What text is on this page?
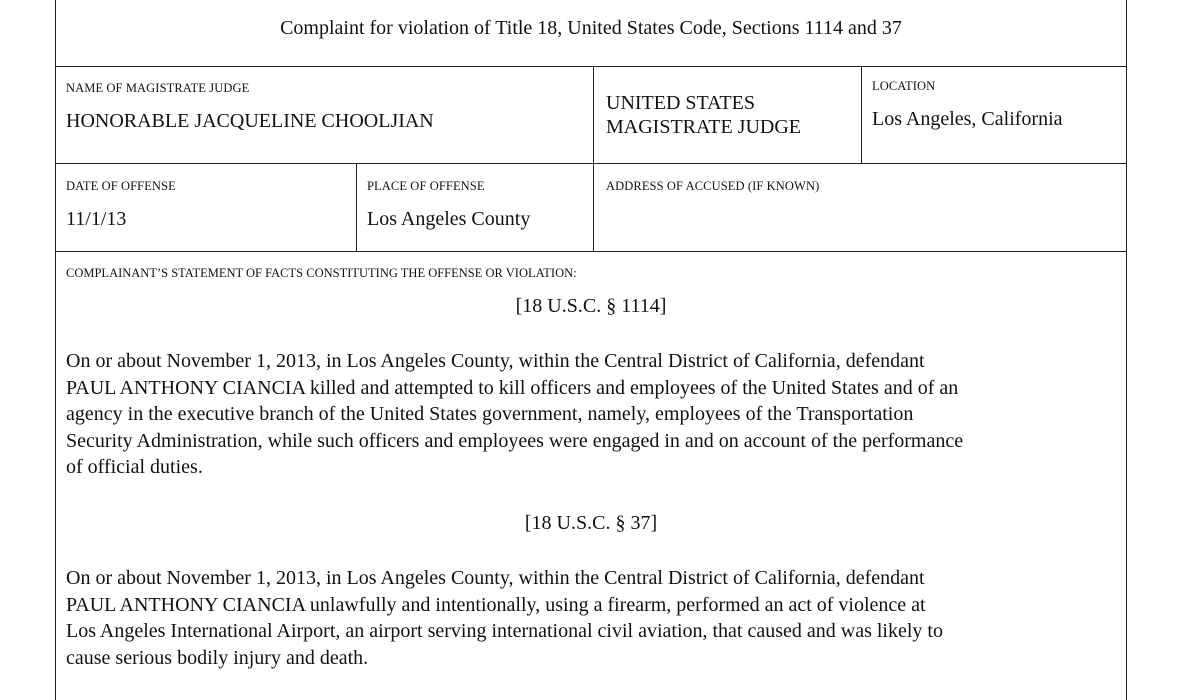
Complaint for violation of Title 18, United States Code, Sections 1114 and 37
NAME OF MAGISTRATE JUDGE
HONORABLE JACQUELINE CHOOLJIAN
UNITED STATES
MAGISTRATE JUDGE
LOCATION
Los Angeles, California
DATE OF OFFENSE
11/1/13
PLACE OF OFFENSE
Los Angeles County
ADDRESS OF ACCUSED (IF KNOWN)
COMPLAINANT’S STATEMENT OF FACTS CONSTITUTING THE OFFENSE OR VIOLATION:
[18 U.S.C. § 1114]
On or about November 1, 2013, in Los Angeles County, within the Central District of California, defendant
PAUL ANTHONY CIANCIA killed and attempted to kill officers and employees of the United States and of an
agency in the executive branch of the United States government, namely, employees of the Transportation
Security Administration, while such officers and employees were engaged in and on account of the performance
of official duties.
[18 U.S.C. § 37]
On or about November 1, 2013, in Los Angeles County, within the Central District of California, defendant
PAUL ANTHONY CIANCIA unlawfully and intentionally, using a firearm, performed an act of violence at
Los Angeles International Airport, an airport serving international civil aviation, that caused and was likely to
cause serious bodily injury and death.
